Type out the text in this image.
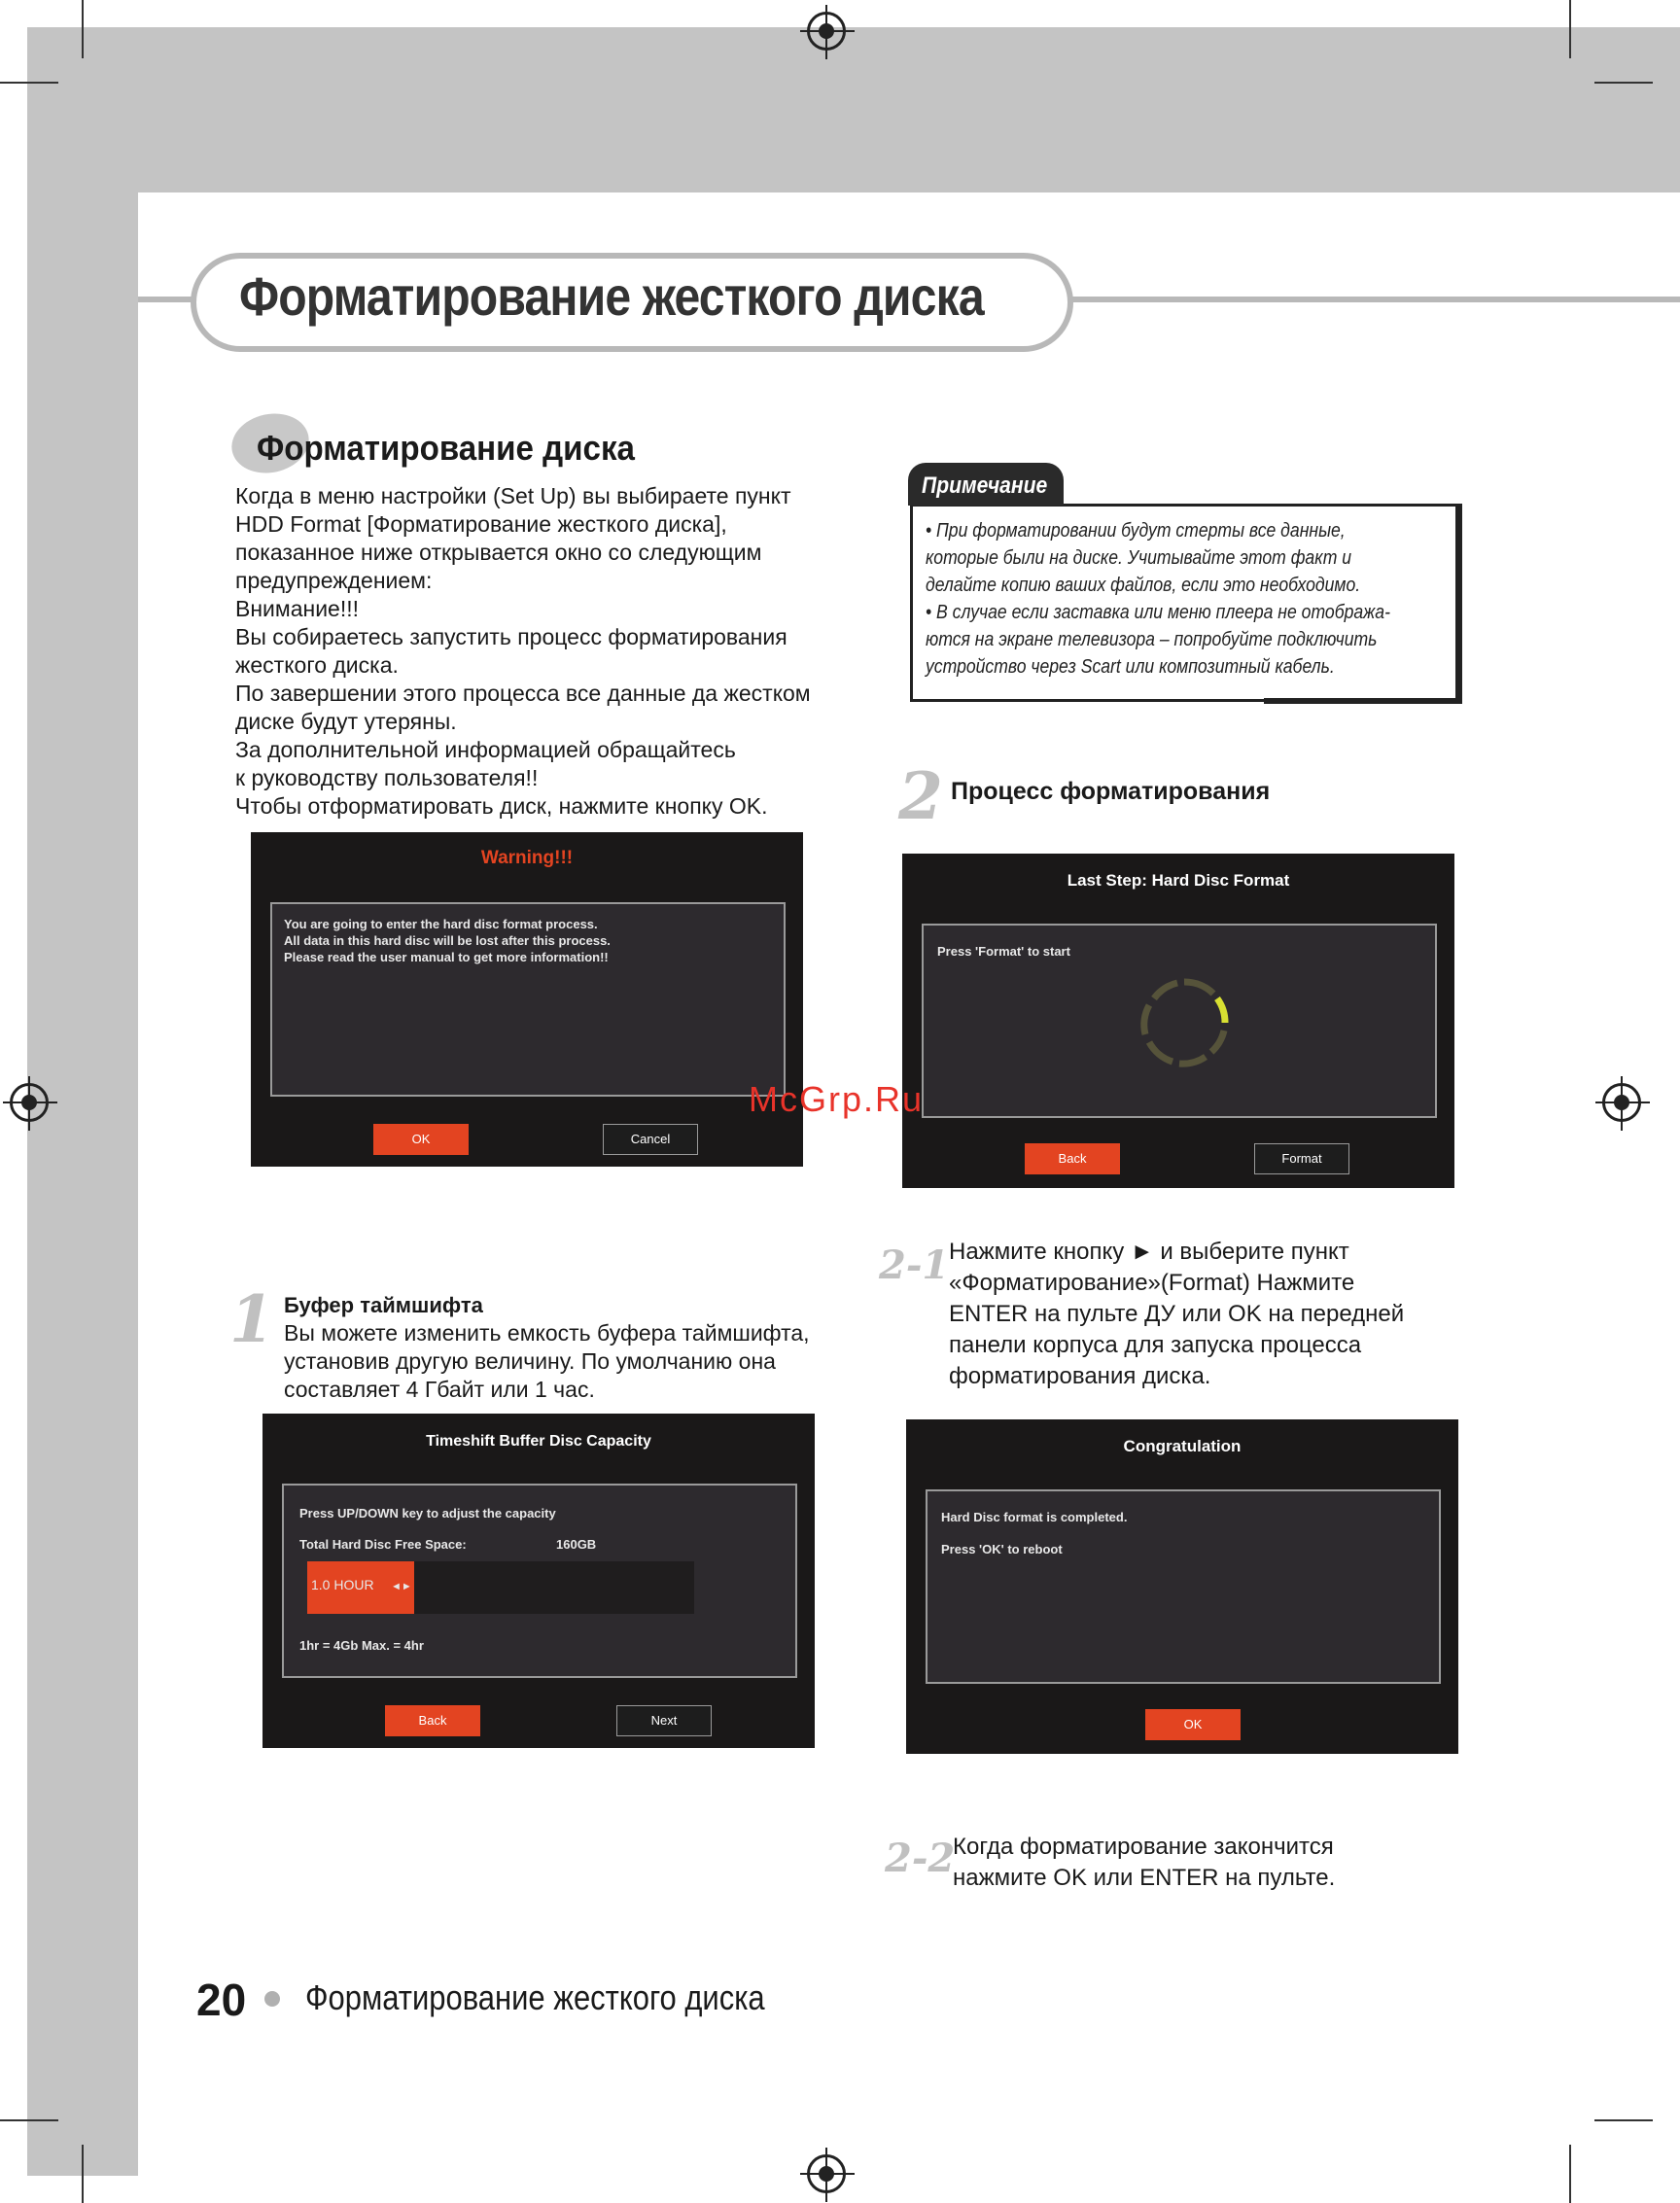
Форматирование жесткого диска
Форматирование диска
Когда в меню настройки (Set Up) вы выбираете пункт
HDD Format [Форматирование жесткого диска],
показанное ниже открывается окно со следующим
предупреждением:
Внимание!!!
Вы собираетесь запустить процесс форматирования
жесткого диска.
По завершении этого процесса все данные да жестком
диске будут утеряны.
За дополнительной информацией обращайтесь
к руководству пользователя!!
Чтобы отформатировать диск, нажмите кнопку OK.
Warning!!!
You are going to enter the hard disc format process.
All data in this hard disc will be lost after this process.
Please read the user manual to get more information!!
OK	Cancel
Примечание
• При форматировании будут стерты все данные,
которые были на диске. Учитывайте этот факт и
делайте копию ваших файлов, если это необходимо.
• В случае если заставка или меню плеера не отобража-
ются на экране телевизора – попробуйте подключить
устройство через Scart или композитный кабель.
2 Процесс форматирования
Last Step: Hard Disc Format
Press 'Format' to start
Back	Format
McGrp.Ru
1 Буфер таймшифта
Вы можете изменить емкость буфера таймшифта,
установив другую величину. По умолчанию она
составляет 4 Гбайт или 1 час.
Timeshift Buffer Disc Capacity
Press UP/DOWN key to adjust the capacity
Total Hard Disc Free Space:	160GB
1.0 HOUR ◄►
1hr = 4Gb Max. = 4hr
Back	Next
2-1 Нажмите кнопку ► и выберите пункт
«Форматирование»(Format) Нажмите
ENTER на пульте ДУ или OK на передней
панели корпуса для запуска процесса
форматирования диска.
Congratulation
Hard Disc format is completed.
Press 'OK' to reboot
OK
2-2
Когда форматирование закончится
нажмите OK или ENTER на пульте.
20 Форматирование жесткого диска
